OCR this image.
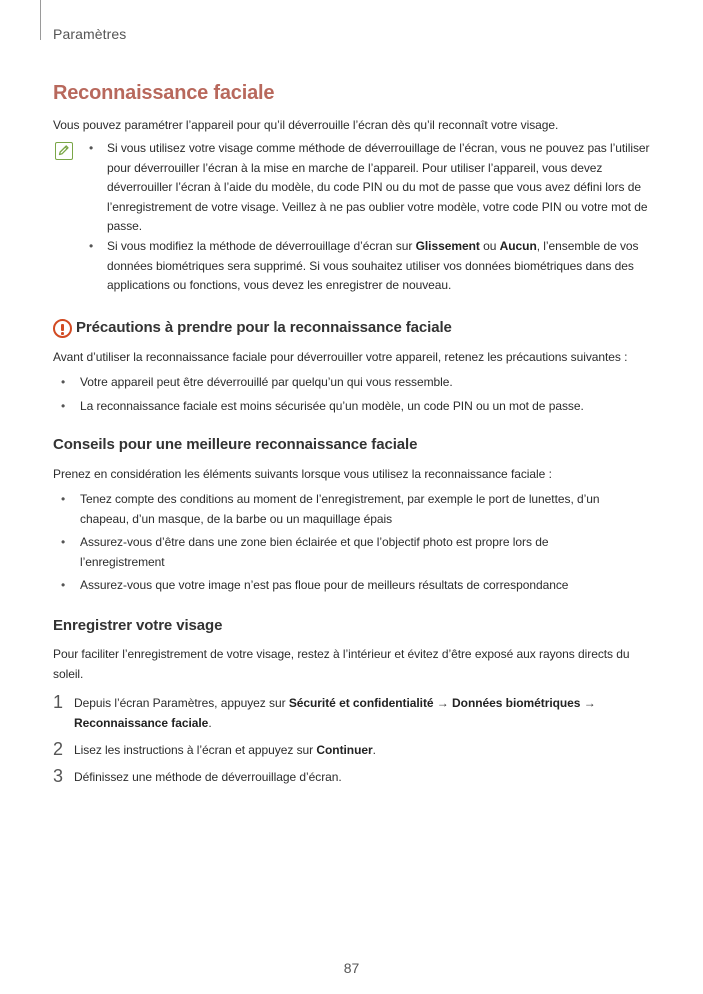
Paramètres
Reconnaissance faciale

Vous pouvez paramétrer l’appareil pour qu’il déverrouille l’écran dès qu’il reconnaît votre visage.

• Si vous utilisez votre visage comme méthode de déverrouillage de l’écran, vous ne pouvez pas l’utiliser pour déverrouiller l’écran à la mise en marche de l’appareil. Pour utiliser l’appareil, vous devez déverrouiller l’écran à l’aide du modèle, du code PIN ou du mot de passe que vous avez défini lors de l’enregistrement de votre visage. Veillez à ne pas oublier votre modèle, votre code PIN ou votre mot de passe.

• Si vous modifiez la méthode de déverrouillage d’écran sur Glissement ou Aucun, l’ensemble de vos données biométriques sera supprimé. Si vous souhaitez utiliser vos données biométriques dans des applications ou fonctions, vous devez les enregistrer de nouveau.

Précautions à prendre pour la reconnaissance faciale

Avant d’utiliser la reconnaissance faciale pour déverrouiller votre appareil, retenez les précautions suivantes :

• Votre appareil peut être déverrouillé par quelqu’un qui vous ressemble.

• La reconnaissance faciale est moins sécurisée qu’un modèle, un code PIN ou un mot de passe.

Conseils pour une meilleure reconnaissance faciale

Prenez en considération les éléments suivants lorsque vous utilisez la reconnaissance faciale :

• Tenez compte des conditions au moment de l’enregistrement, par exemple le port de lunettes, d’un chapeau, d’un masque, de la barbe ou un maquillage épais

• Assurez-vous d’être dans une zone bien éclairée et que l’objectif photo est propre lors de l’enregistrement

• Assurez-vous que votre image n’est pas floue pour de meilleurs résultats de correspondance

Enregistrer votre visage

Pour faciliter l’enregistrement de votre visage, restez à l’intérieur et évitez d’être exposé aux rayons directs du soleil.

1 Depuis l’écran Paramètres, appuyez sur Sécurité et confidentialité → Données biométriques → Reconnaissance faciale.

2 Lisez les instructions à l’écran et appuyez sur Continuer.

3 Définissez une méthode de déverrouillage d’écran.

87
